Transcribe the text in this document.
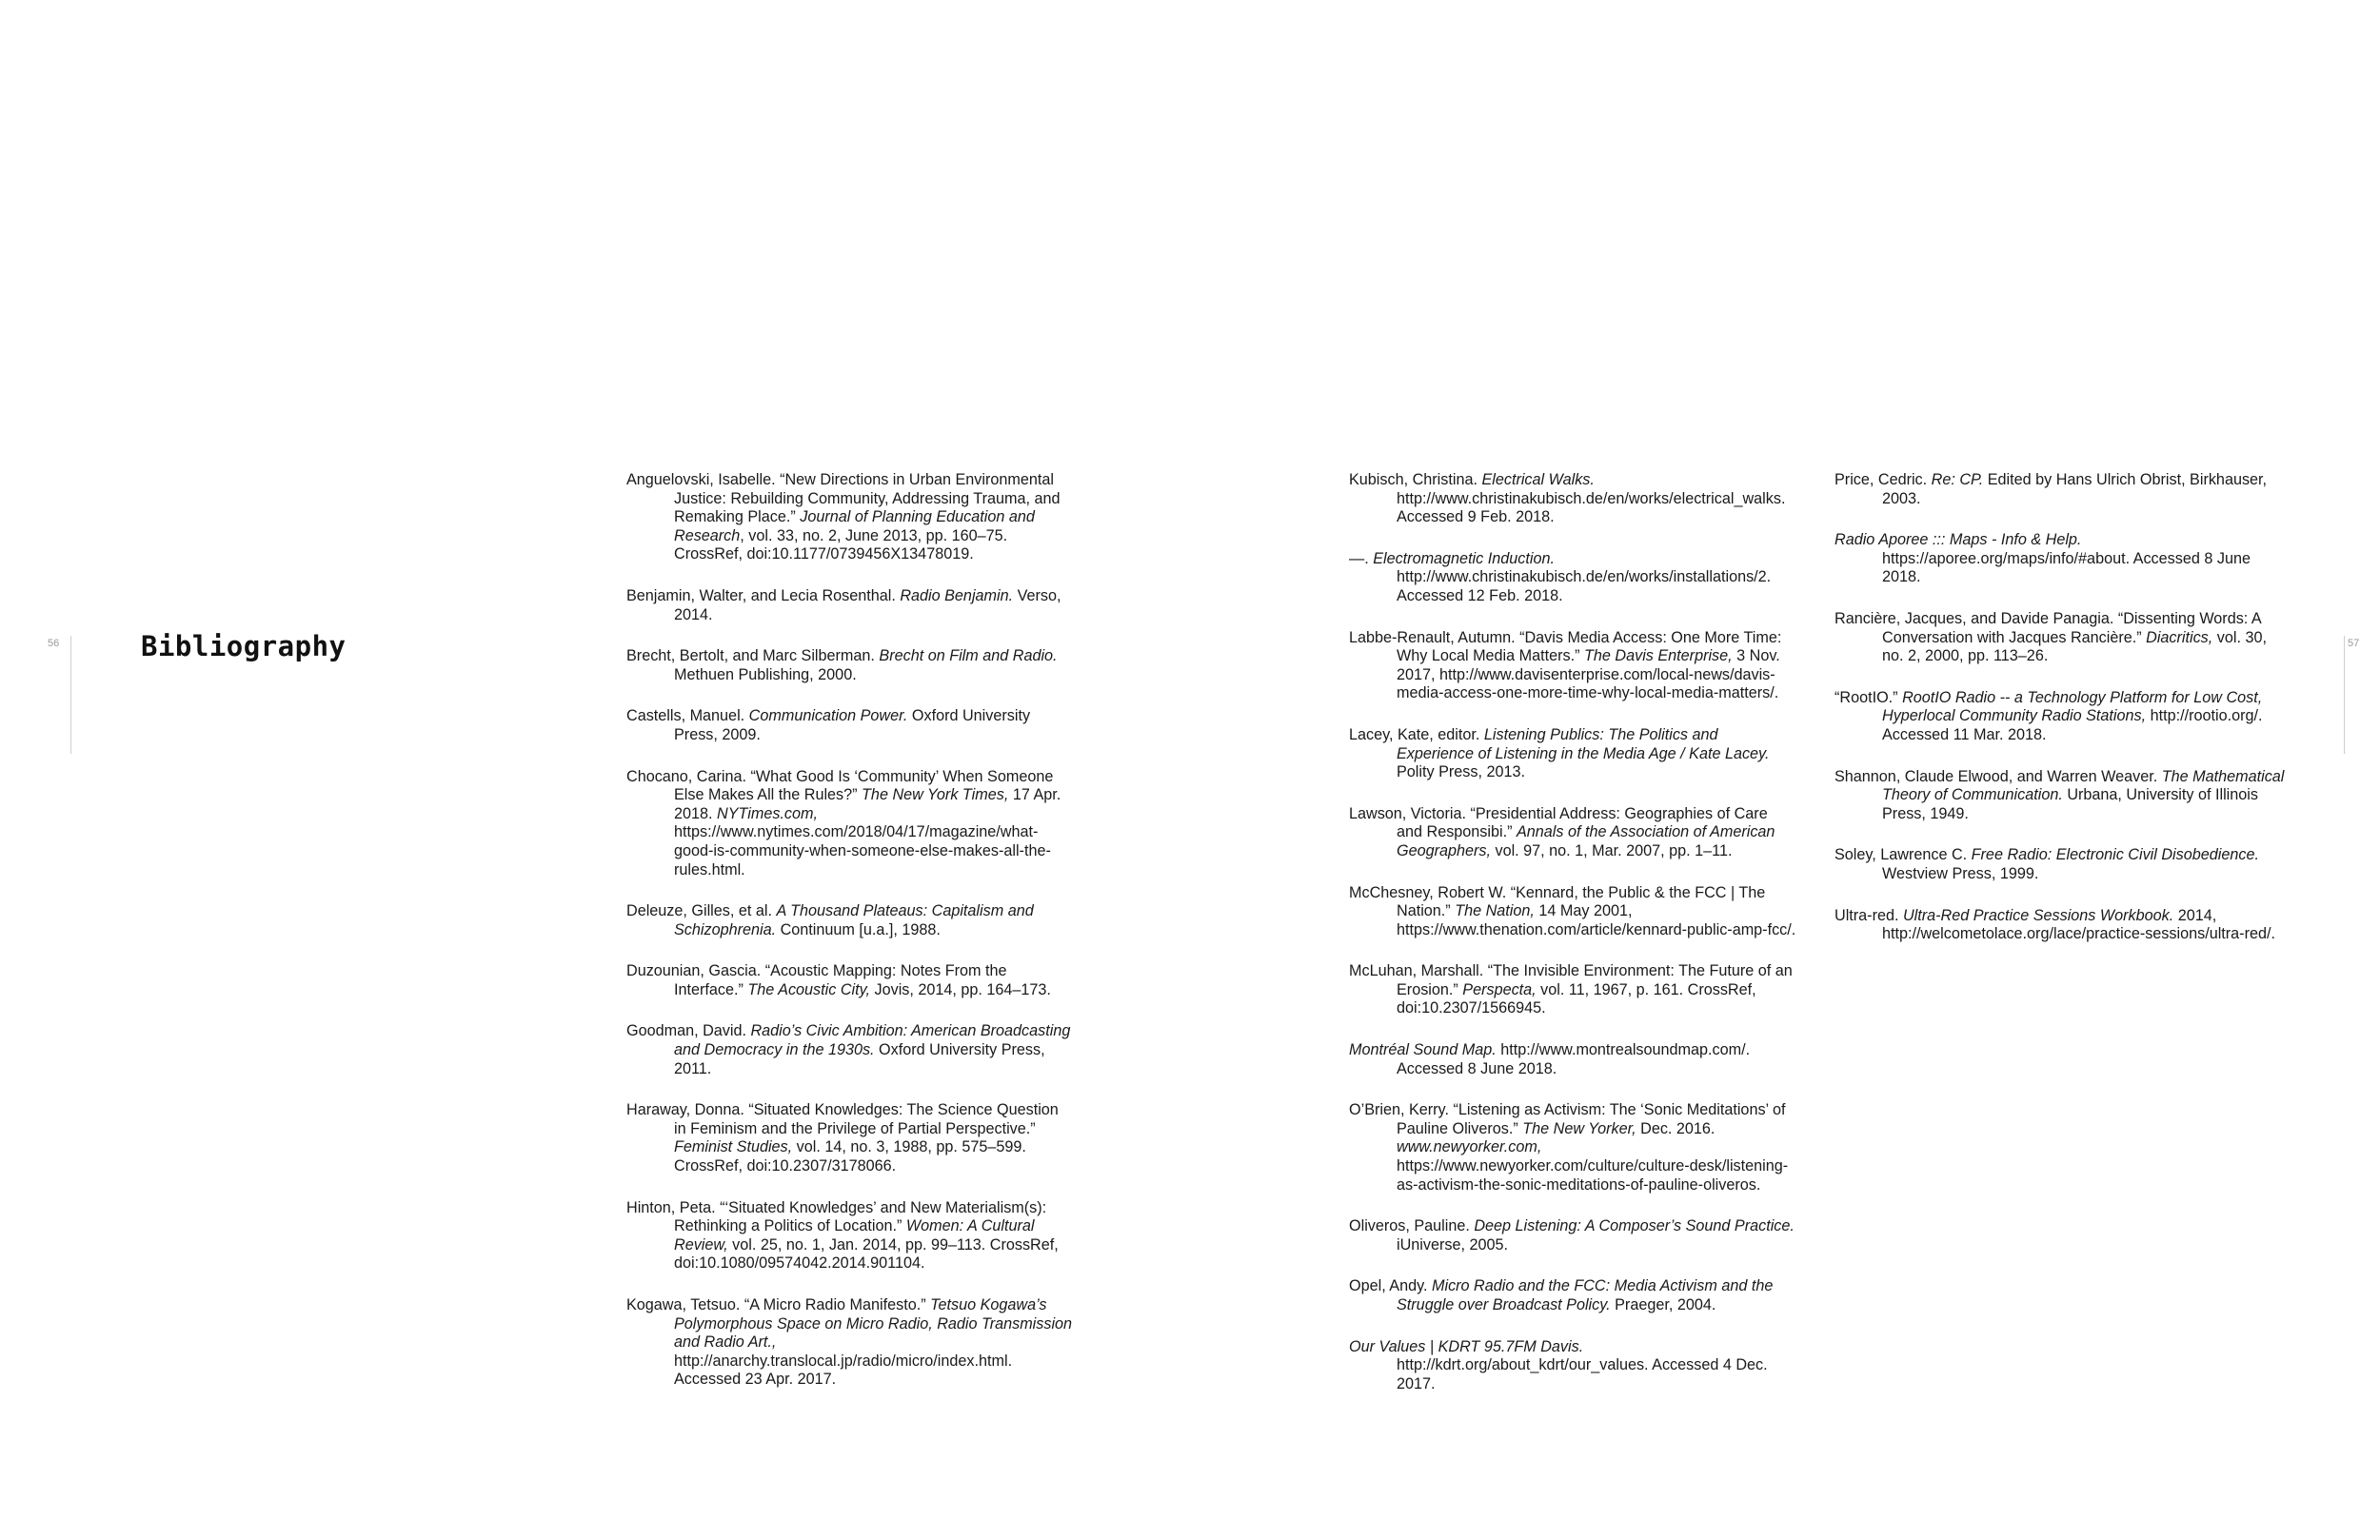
56	Bibliography

Anguelovski, Isabelle. “New Directions in Urban Environmental Justice: Rebuilding Community, Addressing Trauma, and Remaking Place.” Journal of Planning Education and Research, vol. 33, no. 2, June 2013, pp. 160–75. CrossRef, doi:10.1177/0739456X13478019.

Benjamin, Walter, and Lecia Rosenthal. Radio Benjamin. Verso, 2014.

Brecht, Bertolt, and Marc Silberman. Brecht on Film and Radio. Methuen Publishing, 2000.

Castells, Manuel. Communication Power. Oxford University Press, 2009.

Chocano, Carina. “What Good Is ‘Community’ When Someone Else Makes All the Rules?” The New York Times, 17 Apr. 2018. NYTimes.com, https://www.nytimes.com/2018/04/17/magazine/what-good-is-community-when-someone-else-makes-all-the-rules.html.

Deleuze, Gilles, et al. A Thousand Plateaus: Capitalism and Schizophrenia. Continuum [u.a.], 1988.

Duzounian, Gascia. “Acoustic Mapping: Notes From the Interface.” The Acoustic City, Jovis, 2014, pp. 164–173.

Goodman, David. Radio’s Civic Ambition: American Broadcasting and Democracy in the 1930s. Oxford University Press, 2011.

Haraway, Donna. “Situated Knowledges: The Science Question in Feminism and the Privilege of Partial Perspective.” Feminist Studies, vol. 14, no. 3, 1988, pp. 575–599. CrossRef, doi:10.2307/3178066.

Hinton, Peta. “‘Situated Knowledges’ and New Materialism(s): Rethinking a Politics of Location.” Women: A Cultural Review, vol. 25, no. 1, Jan. 2014, pp. 99–113. CrossRef, doi:10.1080/09574042.2014.901104.

Kogawa, Tetsuo. “A Micro Radio Manifesto.” Tetsuo Kogawa’s Polymorphous Space on Micro Radio, Radio Transmission and Radio Art., http://anarchy.translocal.jp/radio/micro/index.html. Accessed 23 Apr. 2017.

Kubisch, Christina. Electrical Walks. http://www.christinakubisch.de/en/works/electrical_walks. Accessed 9 Feb. 2018.

—. Electromagnetic Induction. http://www.christinakubisch.de/en/works/installations/2. Accessed 12 Feb. 2018.

Labbe-Renault, Autumn. “Davis Media Access: One More Time: Why Local Media Matters.” The Davis Enterprise, 3 Nov. 2017, http://www.davisenterprise.com/local-news/davis-media-access-one-more-time-why-local-media-matters/.

Lacey, Kate, editor. Listening Publics: The Politics and Experience of Listening in the Media Age / Kate Lacey. Polity Press, 2013.

Lawson, Victoria. “Presidential Address: Geographies of Care and Responsibi.” Annals of the Association of American Geographers, vol. 97, no. 1, Mar. 2007, pp. 1–11.

McChesney, Robert W. “Kennard, the Public & the FCC | The Nation.” The Nation, 14 May 2001, https://www.thenation.com/article/kennard-public-amp-fcc/.

McLuhan, Marshall. “The Invisible Environment: The Future of an Erosion.” Perspecta, vol. 11, 1967, p. 161. CrossRef, doi:10.2307/1566945.

Montréal Sound Map. http://www.montrealsoundmap.com/. Accessed 8 June 2018.

O’Brien, Kerry. “Listening as Activism: The ‘Sonic Meditations’ of Pauline Oliveros.” The New Yorker, Dec. 2016. www.newyorker.com, https://www.newyorker.com/culture/culture-desk/listening-as-activism-the-sonic-meditations-of-pauline-oliveros.

Oliveros, Pauline. Deep Listening: A Composer’s Sound Practice. iUniverse, 2005.

Opel, Andy. Micro Radio and the FCC: Media Activism and the Struggle over Broadcast Policy. Praeger, 2004.

Our Values | KDRT 95.7FM Davis. http://kdrt.org/about_kdrt/our_values. Accessed 4 Dec. 2017.

Price, Cedric. Re: CP. Edited by Hans Ulrich Obrist, Birkhauser, 2003.

Radio Aporee ::: Maps - Info & Help. https://aporee.org/maps/info/#about. Accessed 8 June 2018.

Rancière, Jacques, and Davide Panagia. “Dissenting Words: A Conversation with Jacques Rancière.” Diacritics, vol. 30, no. 2, 2000, pp. 113–26.

“RootIO.” RootIO Radio -- a Technology Platform for Low Cost, Hyperlocal Community Radio Stations, http://rootio.org/. Accessed 11 Mar. 2018.

Shannon, Claude Elwood, and Warren Weaver. The Mathematical Theory of Communication. Urbana, University of Illinois Press, 1949.

Soley, Lawrence C. Free Radio: Electronic Civil Disobedience. Westview Press, 1999.

Ultra-red. Ultra-Red Practice Sessions Workbook. 2014, http://welcometolace.org/lace/practice-sessions/ultra-red/.

57
